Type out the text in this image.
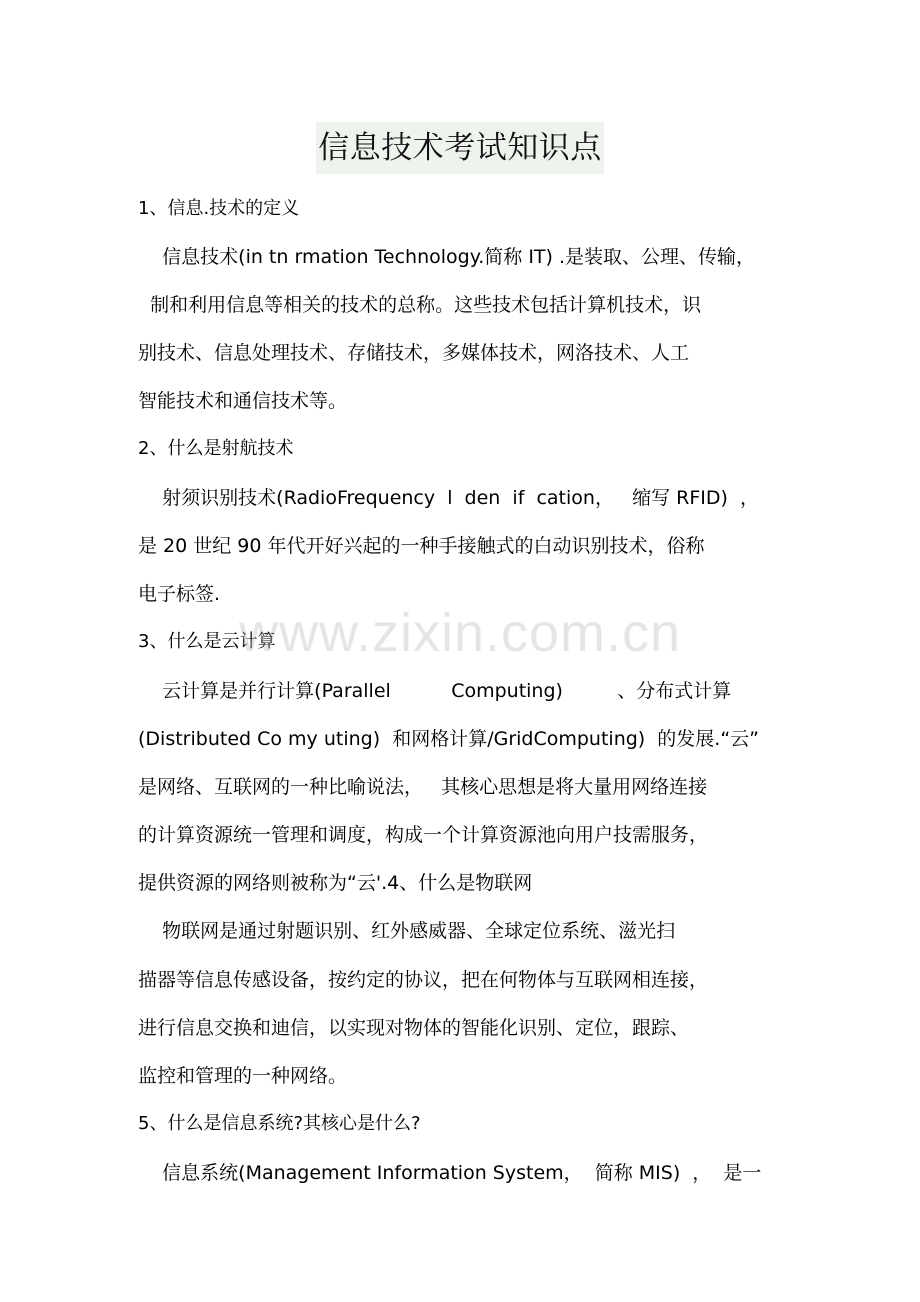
信息技术考试知识点
1、信息.技术的定义
信息技术(in tn rmation Technology.简称 IT) .是装取、公理、传输，
制和利用信息等相关的技术的总称。这些技术包括计算机技术，识
别技术、信息处理技术、存储技术，多媒体技术，网洛技术、人工
智能技术和通信技术等。
2、什么是射航技术
射须识别技术(RadioFrequency  l  den  if  cation，   缩写 RFID)  ，
是 20 世纪 90 年代开好兴起的一种手接触式的白动识别技术，俗称
电子标签.
3、什么是云计算
云计算是并行计算(Parallel          Computing)         、分布式计算
(Distributed Co my uting)  和网格计算/GridComputing)  的发展.“云”
是网络、互联网的一种比喻说法，   其核心思想是将大量用网络连接
的计算资源统一管理和调度，构成一个计算资源池向用户技需服务，
提供资源的网络则被称为“云'.4、什么是物联网
物联网是通过射题识别、红外感威器、全球定位系统、滋光扫
描器等信息传感设备，按约定的协议，把在何物体与互联网相连接，
进行信息交换和迪信，以实现对物体的智能化识别、定位，跟踪、
监控和管理的一种网络。
5、什么是信息系统?其核心是什么?
信息系统(Management Information System，  简称 MIS)  ，  是一
www.zixin.com.cn
